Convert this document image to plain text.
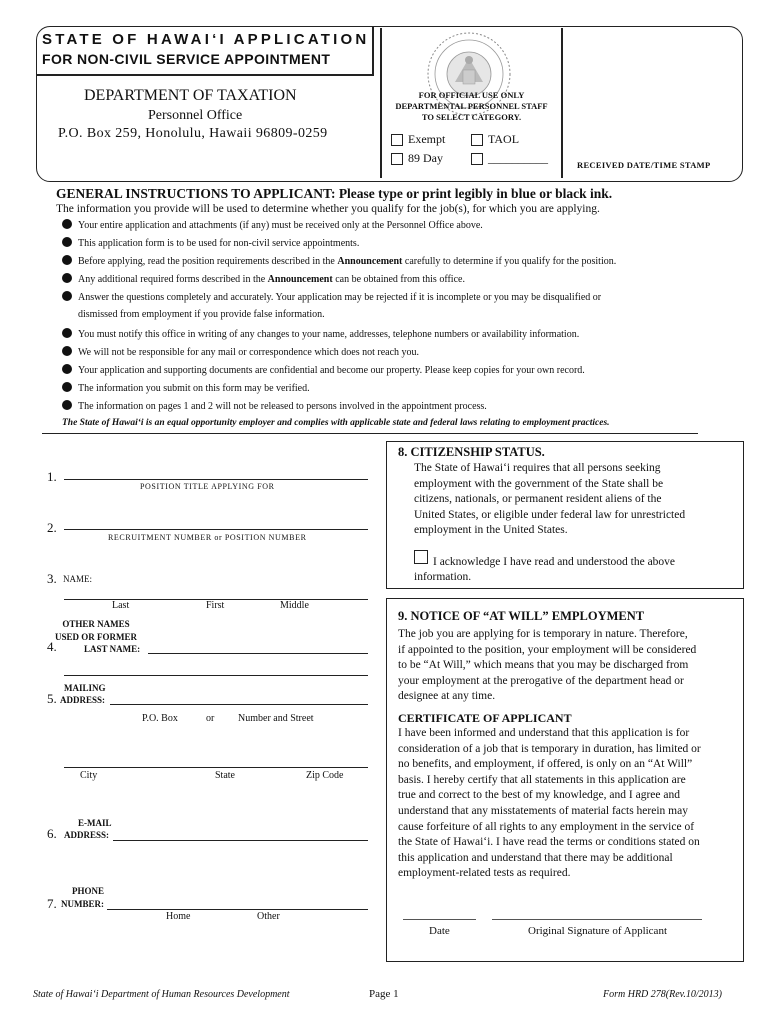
STATE OF HAWAI‘I APPLICATION
FOR NON-CIVIL SERVICE APPOINTMENT
DEPARTMENT OF TAXATION
Personnel Office
P.O. Box 259, Honolulu, Hawaii 96809-0259
FOR OFFICIAL USE ONLY
DEPARTMENTAL PERSONNEL STAFF
TO SELECT CATEGORY.
Exempt	TAOL
89 Day	__________	RECEIVED DATE/TIME STAMP
GENERAL INSTRUCTIONS TO APPLICANT: Please type or print legibly in blue or black ink.
The information you provide will be used to determine whether you qualify for the job(s), for which you are applying.
Your entire application and attachments (if any) must be received only at the Personnel Office above.
This application form is to be used for non-civil service appointments.
Before applying, read the position requirements described in the Announcement carefully to determine if you qualify for the position.
Any additional required forms described in the Announcement can be obtained from this office.
Answer the questions completely and accurately. Your application may be rejected if it is incomplete or you may be disqualified or
dismissed from employment if you provide false information.
You must notify this office in writing of any changes to your name, addresses, telephone numbers or availability information.
We will not be responsible for any mail or correspondence which does not reach you.
Your application and supporting documents are confidential and become our property. Please keep copies for your own record.
The information you submit on this form may be verified.
The information on pages 1 and 2 will not be released to persons involved in the appointment process.
The State of Hawai‘i is an equal opportunity employer and complies with applicable state and federal laws relating to employment practices.
1.
POSITION TITLE APPLYING FOR
2.
RECRUITMENT NUMBER or POSITION NUMBER
3. NAME:
Last	First	Middle
OTHER NAMES
USED OR FORMER
4.	LAST NAME:
MAILING
5. ADDRESS:
P.O. Box	or Number and Street
City	State	Zip Code
E-MAIL
6. ADDRESS:
PHONE
7. NUMBER:
Home	Other
8. CITIZENSHIP STATUS.
The State of Hawai‘i requires that all persons seeking
employment with the government of the State shall be
citizens, nationals, or permanent resident aliens of the
United States, or eligible under federal law for unrestricted
employment in the United States.
I acknowledge I have read and understood the above
information.
9. NOTICE OF “AT WILL” EMPLOYMENT
The job you are applying for is temporary in nature. Therefore,
if appointed to the position, your employment will be considered
to be “At Will,” which means that you may be discharged from
your employment at the prerogative of the department head or
designee at any time.
CERTIFICATE OF APPLICANT
I have been informed and understand that this application is for
consideration of a job that is temporary in duration, has limited or
no benefits, and employment, if offered, is only on an “At Will”
basis. I hereby certify that all statements in this application are
true and correct to the best of my knowledge, and I agree and
understand that any misstatements of material facts herein may
cause forfeiture of all rights to any employment in the service of
the State of Hawai‘i. I have read the terms or conditions stated on
this application and understand that there may be additional
employment-related tests as required.
Date	Original Signature of Applicant
State of Hawai‘i Department of Human Resources Development	Page 1	Form HRD 278(Rev.10/2013)
